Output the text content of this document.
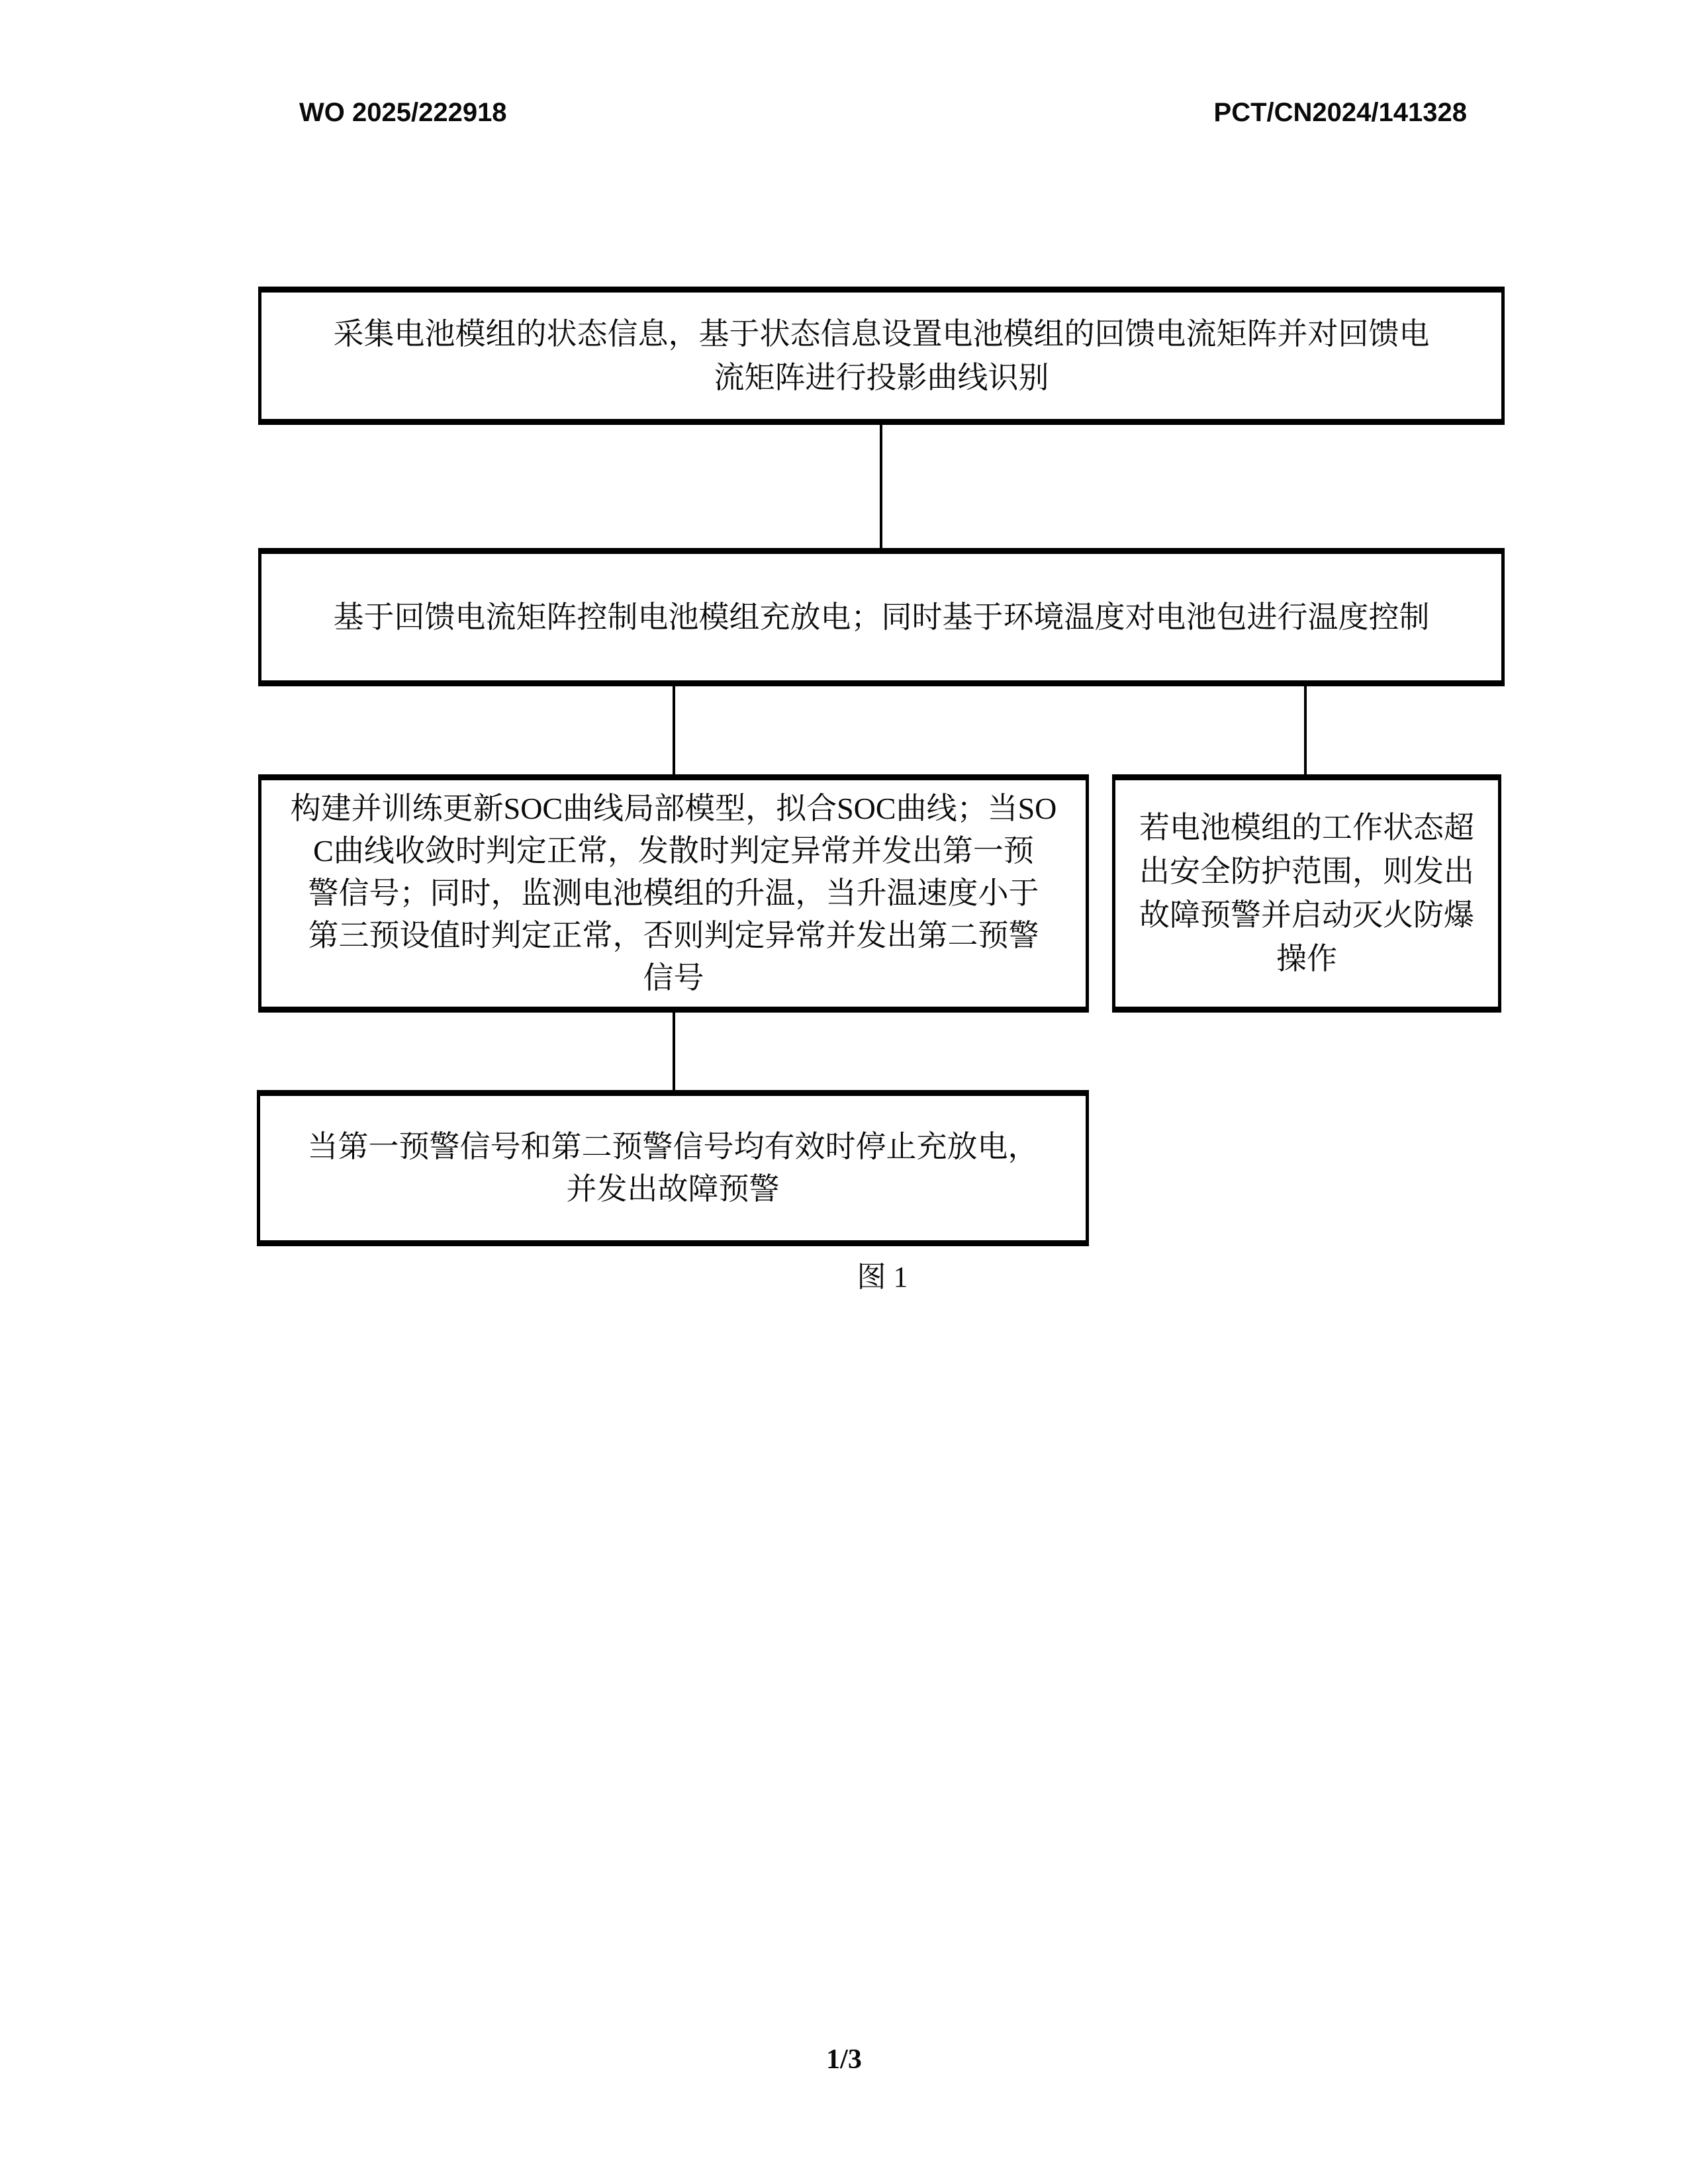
WO 2025/222918	PCT/CN2024/141328
采集电池模组的状态信息，基于状态信息设置电池模组的回馈电流矩阵并对回馈电
流矩阵进行投影曲线识别
基于回馈电流矩阵控制电池模组充放电；同时基于环境温度对电池包进行温度控制
构建并训练更新SOC曲线局部模型，拟合SOC曲线；当SO
C曲线收敛时判定正常，发散时判定异常并发出第一预
警信号；同时，监测电池模组的升温，当升温速度小于
第三预设值时判定正常，否则判定异常并发出第二预警
信号
若电池模组的工作状态超
出安全防护范围，则发出
故障预警并启动灭火防爆
操作
当第一预警信号和第二预警信号均有效时停止充放电，
并发出故障预警
图 1
1/3
